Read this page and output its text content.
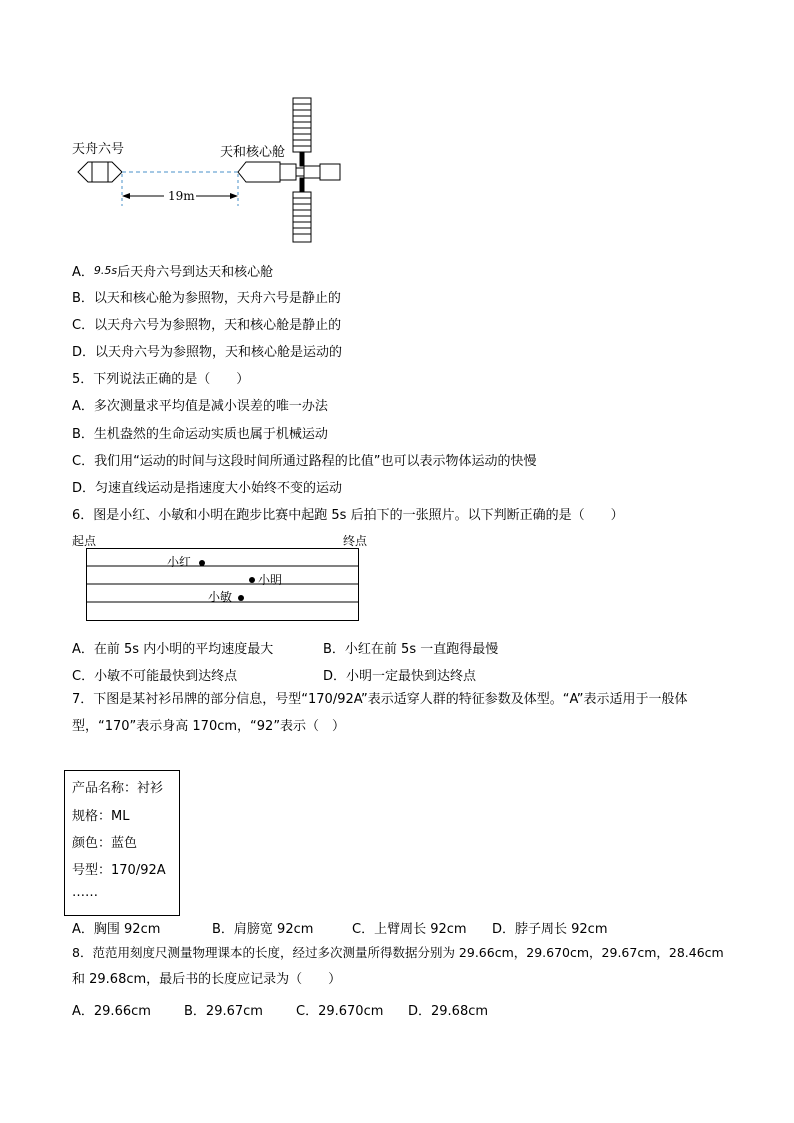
天舟六号	天和核心舱
19m
A．9.5s后天舟六号到达天和核心舱
B．以天和核心舱为参照物，天舟六号是静止的
C．以天舟六号为参照物，天和核心舱是静止的
D．以天舟六号为参照物，天和核心舱是运动的
5．下列说法正确的是（　　）
A．多次测量求平均值是减小误差的唯一办法
B．生机盎然的生命运动实质也属于机械运动
C．我们用“运动的时间与这段时间所通过路程的比值”也可以表示物体运动的快慢
D．匀速直线运动是指速度大小始终不变的运动
6．图是小红、小敏和小明在跑步比赛中起跑 5s 后拍下的一张照片。以下判断正确的是（　　）
起点	终点
小红
小明
小敏
A．在前 5s 内小明的平均速度最大	B．小红在前 5s 一直跑得最慢
C．小敏不可能最快到达终点	D．小明一定最快到达终点
7．下图是某衬衫吊牌的部分信息，号型“170/92A”表示适穿人群的特征参数及体型。“A”表示适用于一般体
型，“170”表示身高 170cm，“92”表示（　）
产品名称：衬衫
规格：ML
颜色：蓝色
号型：170/92A
……
A．胸围 92cm	B．肩膀宽 92cm	C．上臂周长 92cm D．脖子周长 92cm
8．范范用刻度尺测量物理课本的长度，经过多次测量所得数据分别为 29.66cm，29.670cm，29.67cm，28.46cm
和 29.68cm，最后书的长度应记录为（　　）
A．29.66cm	B．29.67cm	C．29.670cm D．29.68cm
